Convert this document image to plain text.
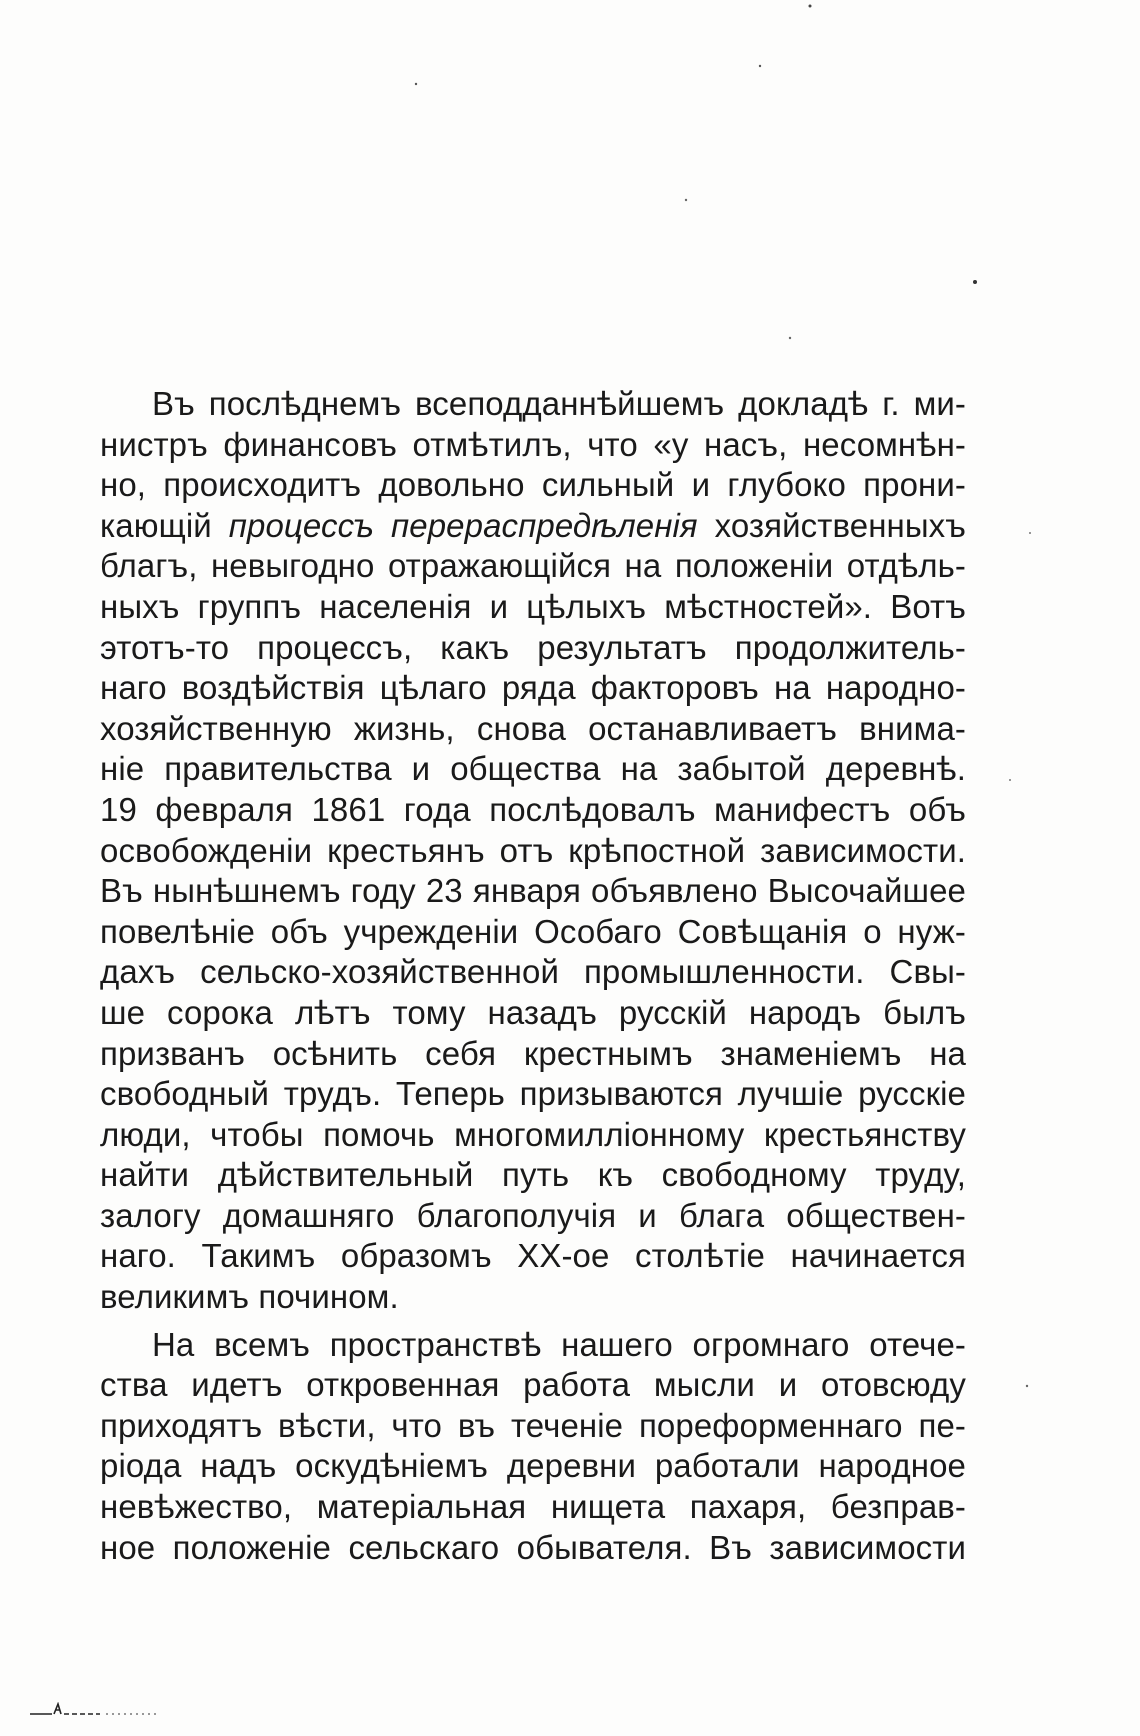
Въ послѣднемъ всеподданнѣйшемъ докладѣ г. ми-
нистръ финансовъ отмѣтилъ, что «у насъ, несомнѣн-
но, происходитъ довольно сильный и глубоко прони-
кающій процессъ перераспредѣленія хозяйственныхъ
благъ, невыгодно отражающійся на положеніи отдѣль-
ныхъ группъ населенія и цѣлыхъ мѣстностей». Вотъ
этотъ-то процессъ, какъ результатъ продолжитель-
наго воздѣйствія цѣлаго ряда факторовъ на народно-
хозяйственную жизнь, снова останавливаетъ внима-
ніе правительства и общества на забытой деревнѣ.
19 февраля 1861 года послѣдовалъ манифестъ объ
освобожденіи крестьянъ отъ крѣпостной зависимости.
Въ нынѣшнемъ году 23 января объявлено Высочайшее
повелѣніе объ учрежденіи Особаго Совѣщанія о нуж-
дахъ сельско-хозяйственной промышленности. Свы-
ше сорока лѣтъ тому назадъ русскій народъ былъ
призванъ осѣнить себя крестнымъ знаменіемъ на
свободный трудъ. Теперь призываются лучшіе русскіе
люди, чтобы помочь многомилліонному крестьянству
найти дѣйствительный путь къ свободному труду,
залогу домашняго благополучія и блага обществен-
наго. Такимъ образомъ XX-ое столѣтіе начинается
великимъ почином.
На всемъ пространствѣ нашего огромнаго отече-
ства идетъ откровенная работа мысли и отовсюду
приходятъ вѣсти, что въ теченіе пореформеннаго пе-
ріода надъ оскудѣніемъ деревни работали народное
невѣжество, матеріальная нищета пахаря, безправ-
ное положеніе сельскаго обывателя. Въ зависимости
